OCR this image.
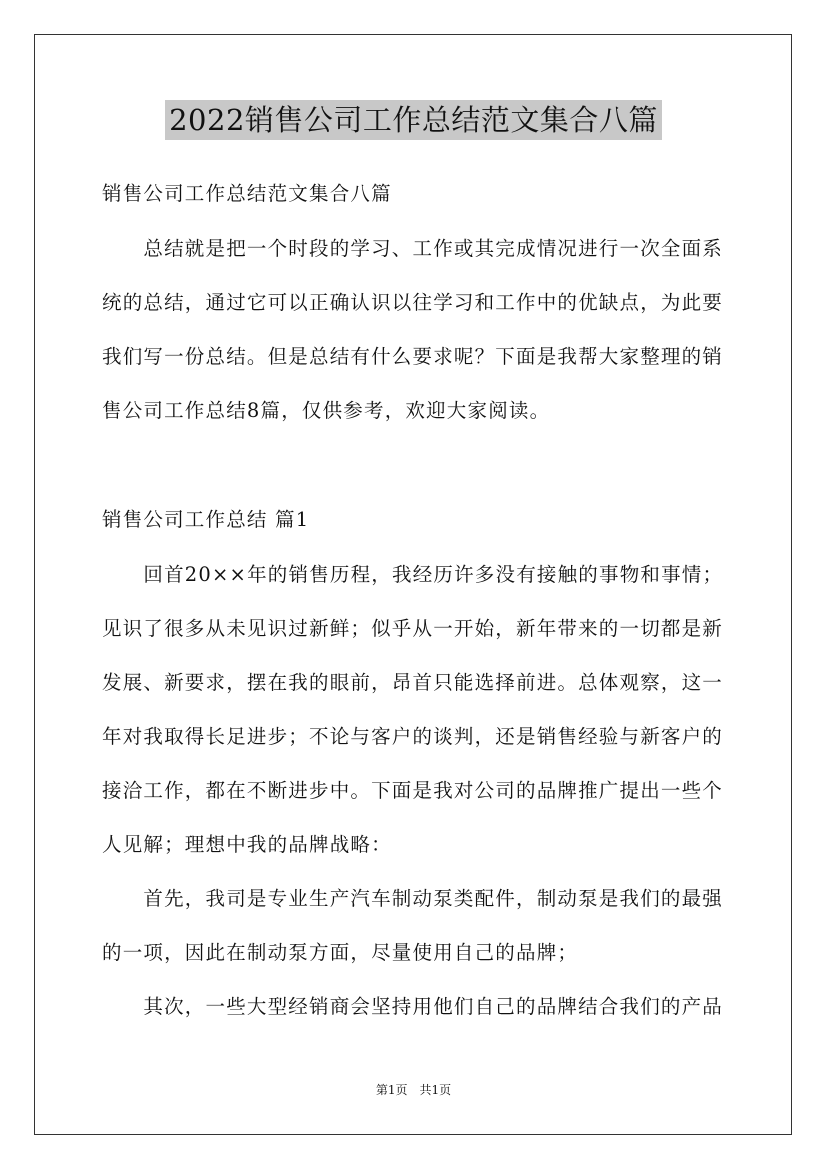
2022销售公司工作总结范文集合八篇
销售公司工作总结范文集合八篇
　　总结就是把一个时段的学习、工作或其完成情况进行一次全面系
统的总结，通过它可以正确认识以往学习和工作中的优缺点，为此要
我们写一份总结。但是总结有什么要求呢？下面是我帮大家整理的销
售公司工作总结8篇，仅供参考，欢迎大家阅读。
销售公司工作总结 篇1
　　回首20××年的销售历程，我经历许多没有接触的事物和事情；
见识了很多从未见识过新鲜；似乎从一开始，新年带来的一切都是新
发展、新要求，摆在我的眼前，昂首只能选择前进。总体观察，这一
年对我取得长足进步；不论与客户的谈判，还是销售经验与新客户的
接洽工作，都在不断进步中。下面是我对公司的品牌推广提出一些个
人见解；理想中我的品牌战略：
　　首先，我司是专业生产汽车制动泵类配件，制动泵是我们的最强
的一项，因此在制动泵方面，尽量使用自己的品牌；
　　其次，一些大型经销商会坚持用他们自己的品牌结合我们的产品
第1页　共1页
